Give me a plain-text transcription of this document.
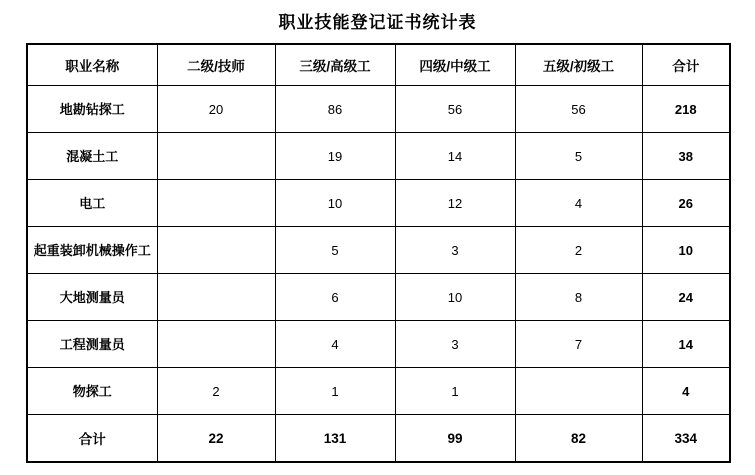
职业技能登记证书统计表
职业名称	二级/技师	三级/高级工	四级/中级工	五级/初级工	合计
地勘钻探工	20	86	56	56	218
混凝土工		19	14	5	38
电工		10	12	4	26
起重装卸机械操作工		5	3	2	10
大地测量员		6	10	8	24
工程测量员		4	3	7	14
物探工	2	1	1		4
合计	22	131	99	82	334
